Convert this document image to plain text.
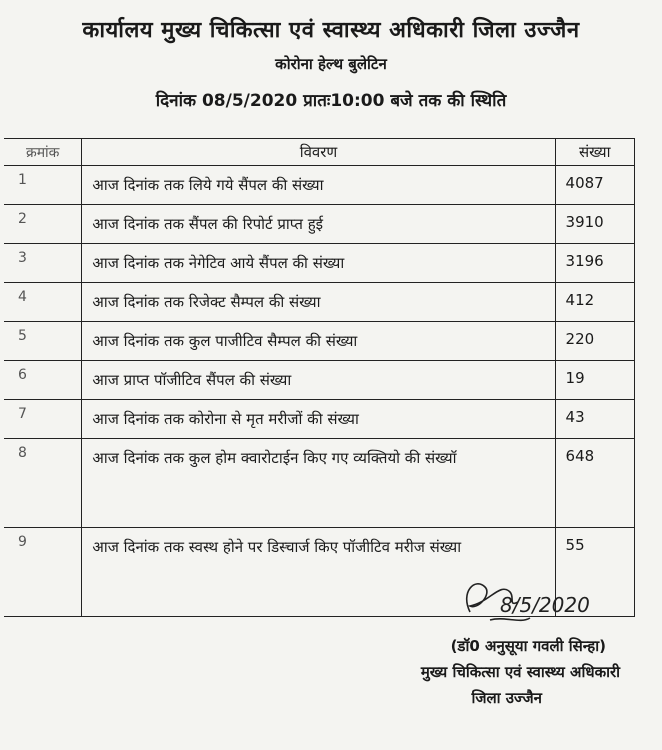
कार्यालय मुख्य चिकित्सा एवं स्वास्थ्य अधिकारी जिला उज्जैन
कोरोना हेल्थ बुलेटिन
दिनांक 08/5/2020 प्रातः10:00 बजे तक की स्थिति
क्रमांक	विवरण	संख्या
1	आज दिनांक तक लिये गये सैंपल की संख्या	4087
2	आज दिनांक तक सैंपल की रिपोर्ट प्राप्त हुई	3910
3	आज दिनांक तक नेगेटिव आये सैंपल की संख्या	3196
4	आज दिनांक तक रिजेक्ट सैम्पल की संख्या	412
5	आज दिनांक तक कुल पाजीटिव सैम्पल की संख्या	220
6	आज प्राप्त पॉजीटिव सैंपल की संख्या	19
7	आज दिनांक तक कोरोना से मृत मरीजों की संख्या	43
8	आज दिनांक तक कुल होम क्वारोटाईन किए गए व्यक्तियो की संख्यॉ	648
9	आज दिनांक तक स्वस्थ होने पर डिस्चार्ज किए पॉजीटिव मरीज संख्या	55
8/5/2020
(डॉ0 अनुसूया गवली सिन्हा)
मुख्य चिकित्सा एवं स्वास्थ्य अधिकारी
जिला उज्जैन
